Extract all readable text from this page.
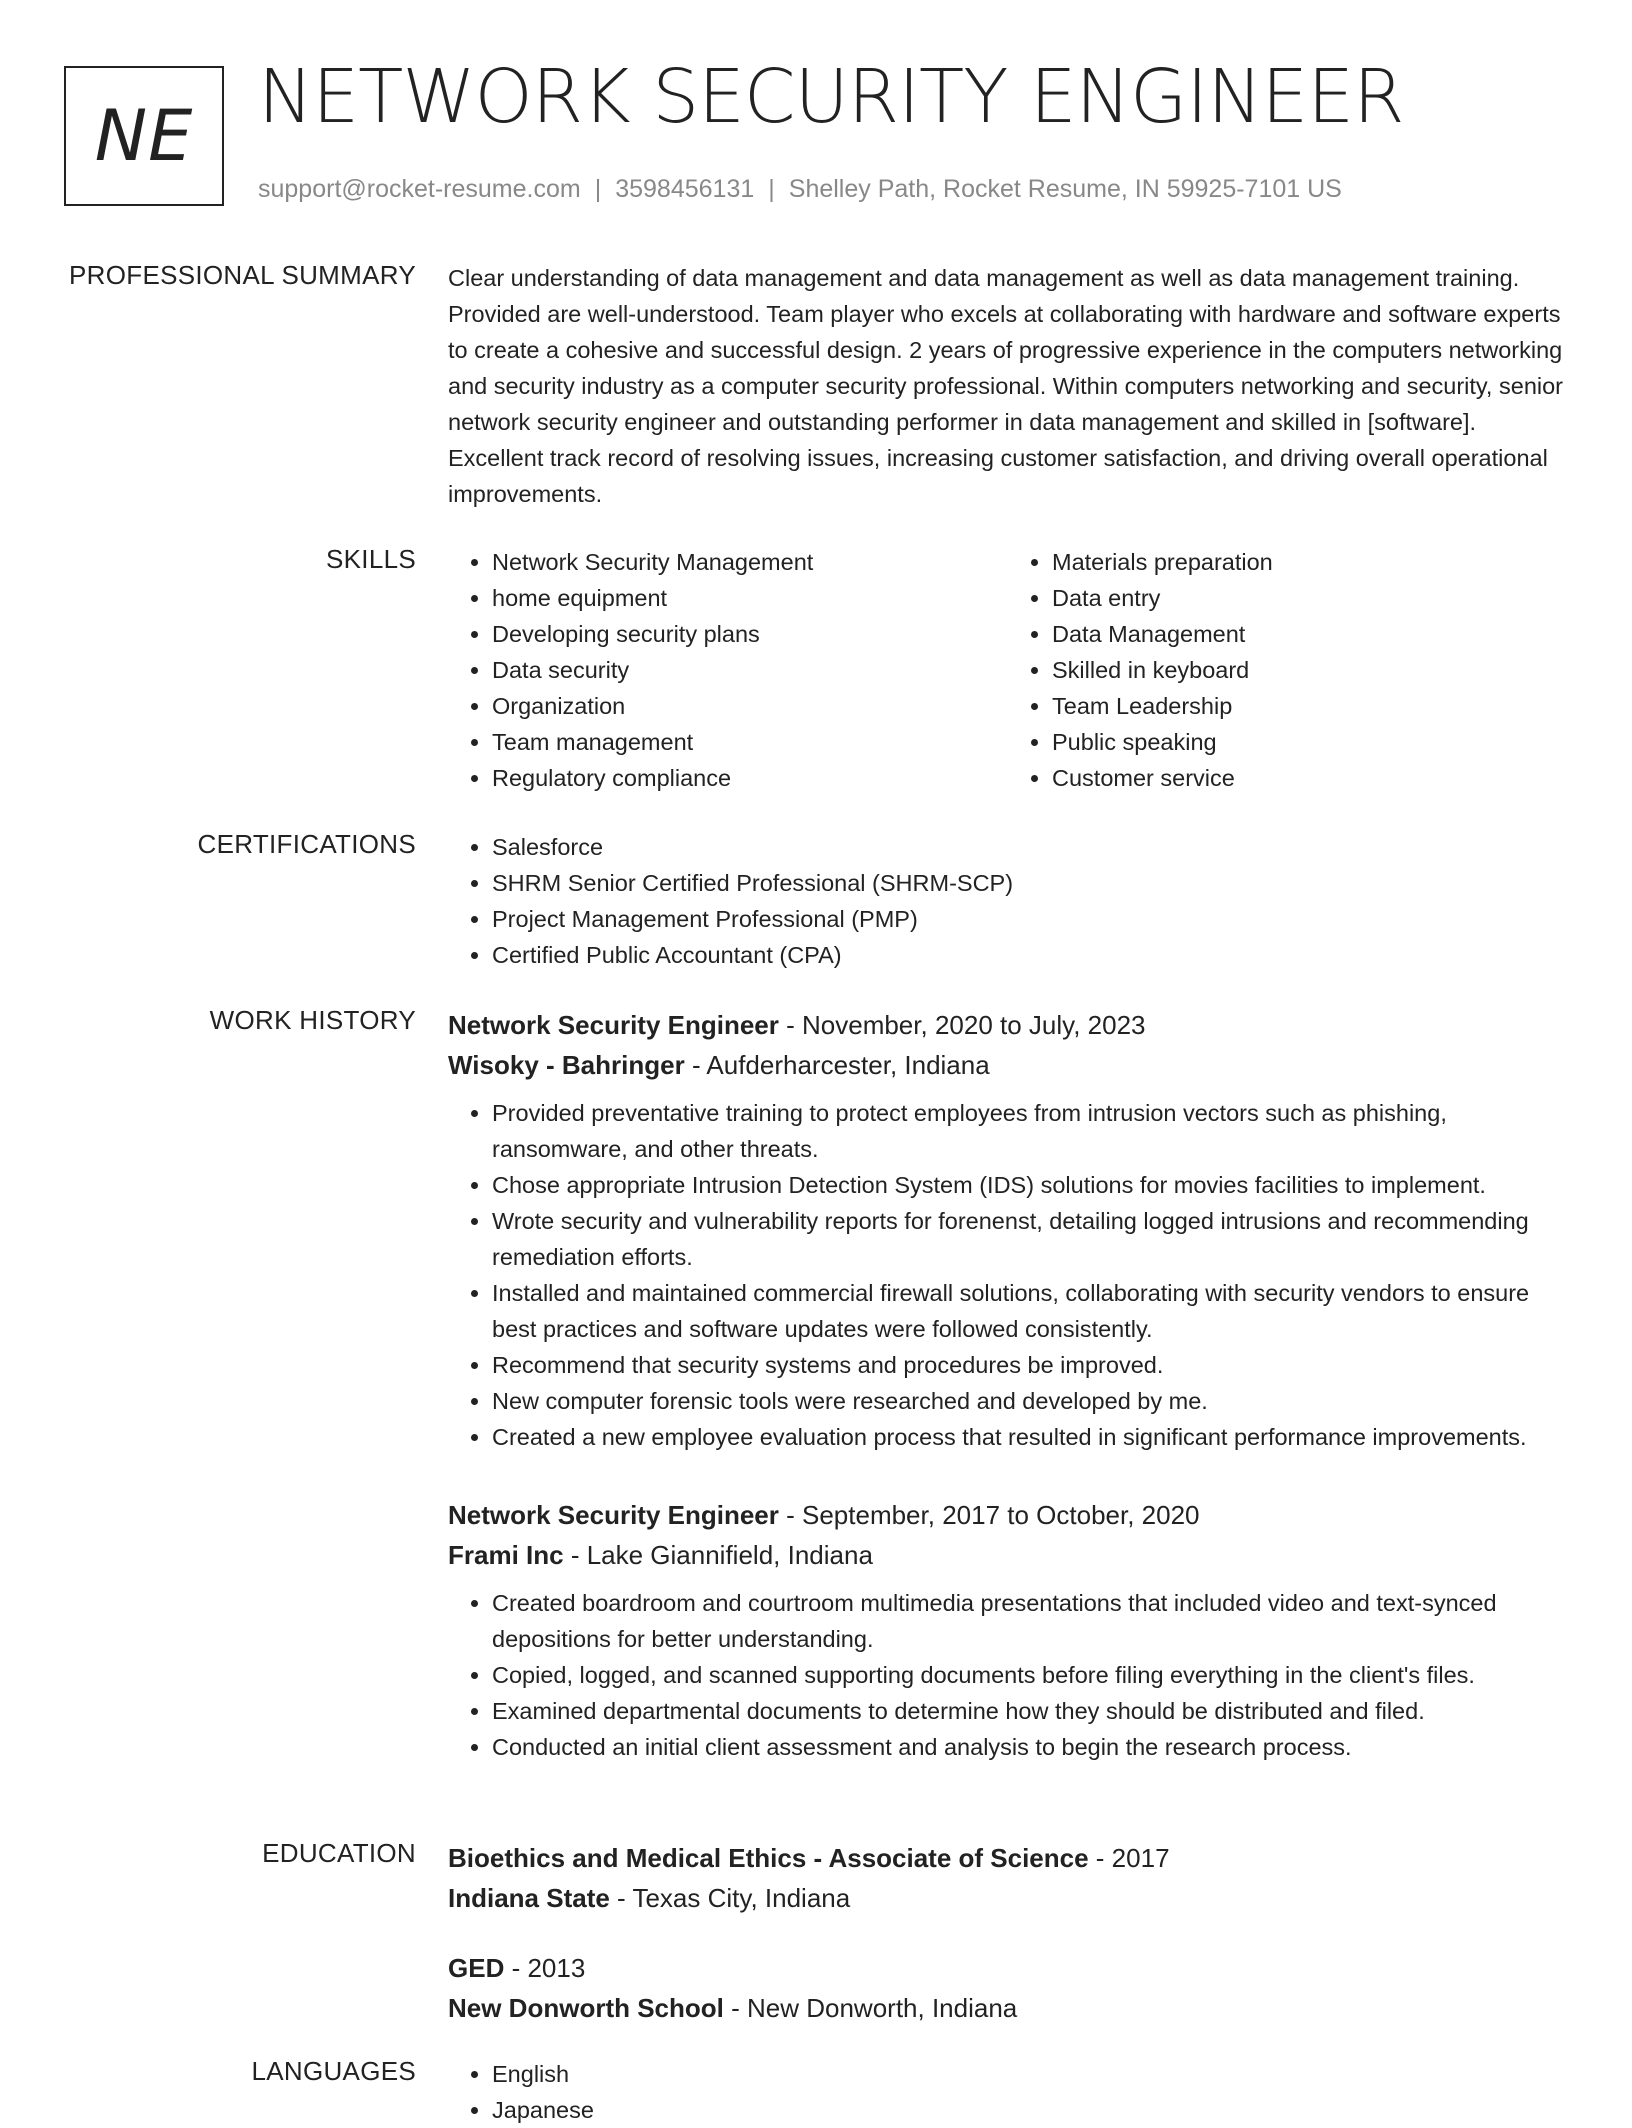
NE NETWORK SECURITY ENGINEER
support@rocket-resume.com | 3598456131 | Shelley Path, Rocket Resume, IN 59925-7101 US
PROFESSIONAL SUMMARY Clear understanding of data management and data management as well as data management training. Provided are well-understood. Team player who excels at collaborating with hardware and software experts to create a cohesive and successful design. 2 years of progressive experience in the computers networking and security industry as a computer security professional. Within computers networking and security, senior network security engineer and outstanding performer in data management and skilled in [software]. Excellent track record of resolving issues, increasing customer satisfaction, and driving overall operational improvements.

SKILLS	• Network Security Management
• home equipment
• Developing security plans
• Data security
• Organization
• Team management
• Regulatory compliance
• Materials preparation
• Data entry
• Data Management
• Skilled in keyboard
• Team Leadership
• Public speaking
• Customer service
CERTIFICATIONS	• Salesforce
• SHRM Senior Certified Professional (SHRM-SCP)
• Project Management Professional (PMP)
• Certified Public Accountant (CPA)
WORK HISTORY Network Security Engineer - November, 2020 to July, 2023
Wisoky - Bahringer - Aufderharcester, Indiana
• Provided preventative training to protect employees from intrusion vectors such as phishing, ransomware, and other threats.
• Chose appropriate Intrusion Detection System (IDS) solutions for movies facilities to implement.
• Wrote security and vulnerability reports for forenenst, detailing logged intrusions and recommending remediation efforts.
• Installed and maintained commercial firewall solutions, collaborating with security vendors to ensure best practices and software updates were followed consistently.
• Recommend that security systems and procedures be improved.
• New computer forensic tools were researched and developed by me.
• Created a new employee evaluation process that resulted in significant performance improvements.
Network Security Engineer - September, 2017 to October, 2020
Frami Inc - Lake Giannifield, Indiana
• Created boardroom and courtroom multimedia presentations that included video and text-synced depositions for better understanding.
• Copied, logged, and scanned supporting documents before filing everything in the client's files.
• Examined departmental documents to determine how they should be distributed and filed.
• Conducted an initial client assessment and analysis to begin the research process.
EDUCATION Bioethics and Medical Ethics - Associate of Science - 2017
Indiana State - Texas City, Indiana
GED - 2013
New Donworth School - New Donworth, Indiana
LANGUAGES	• English
• Japanese
